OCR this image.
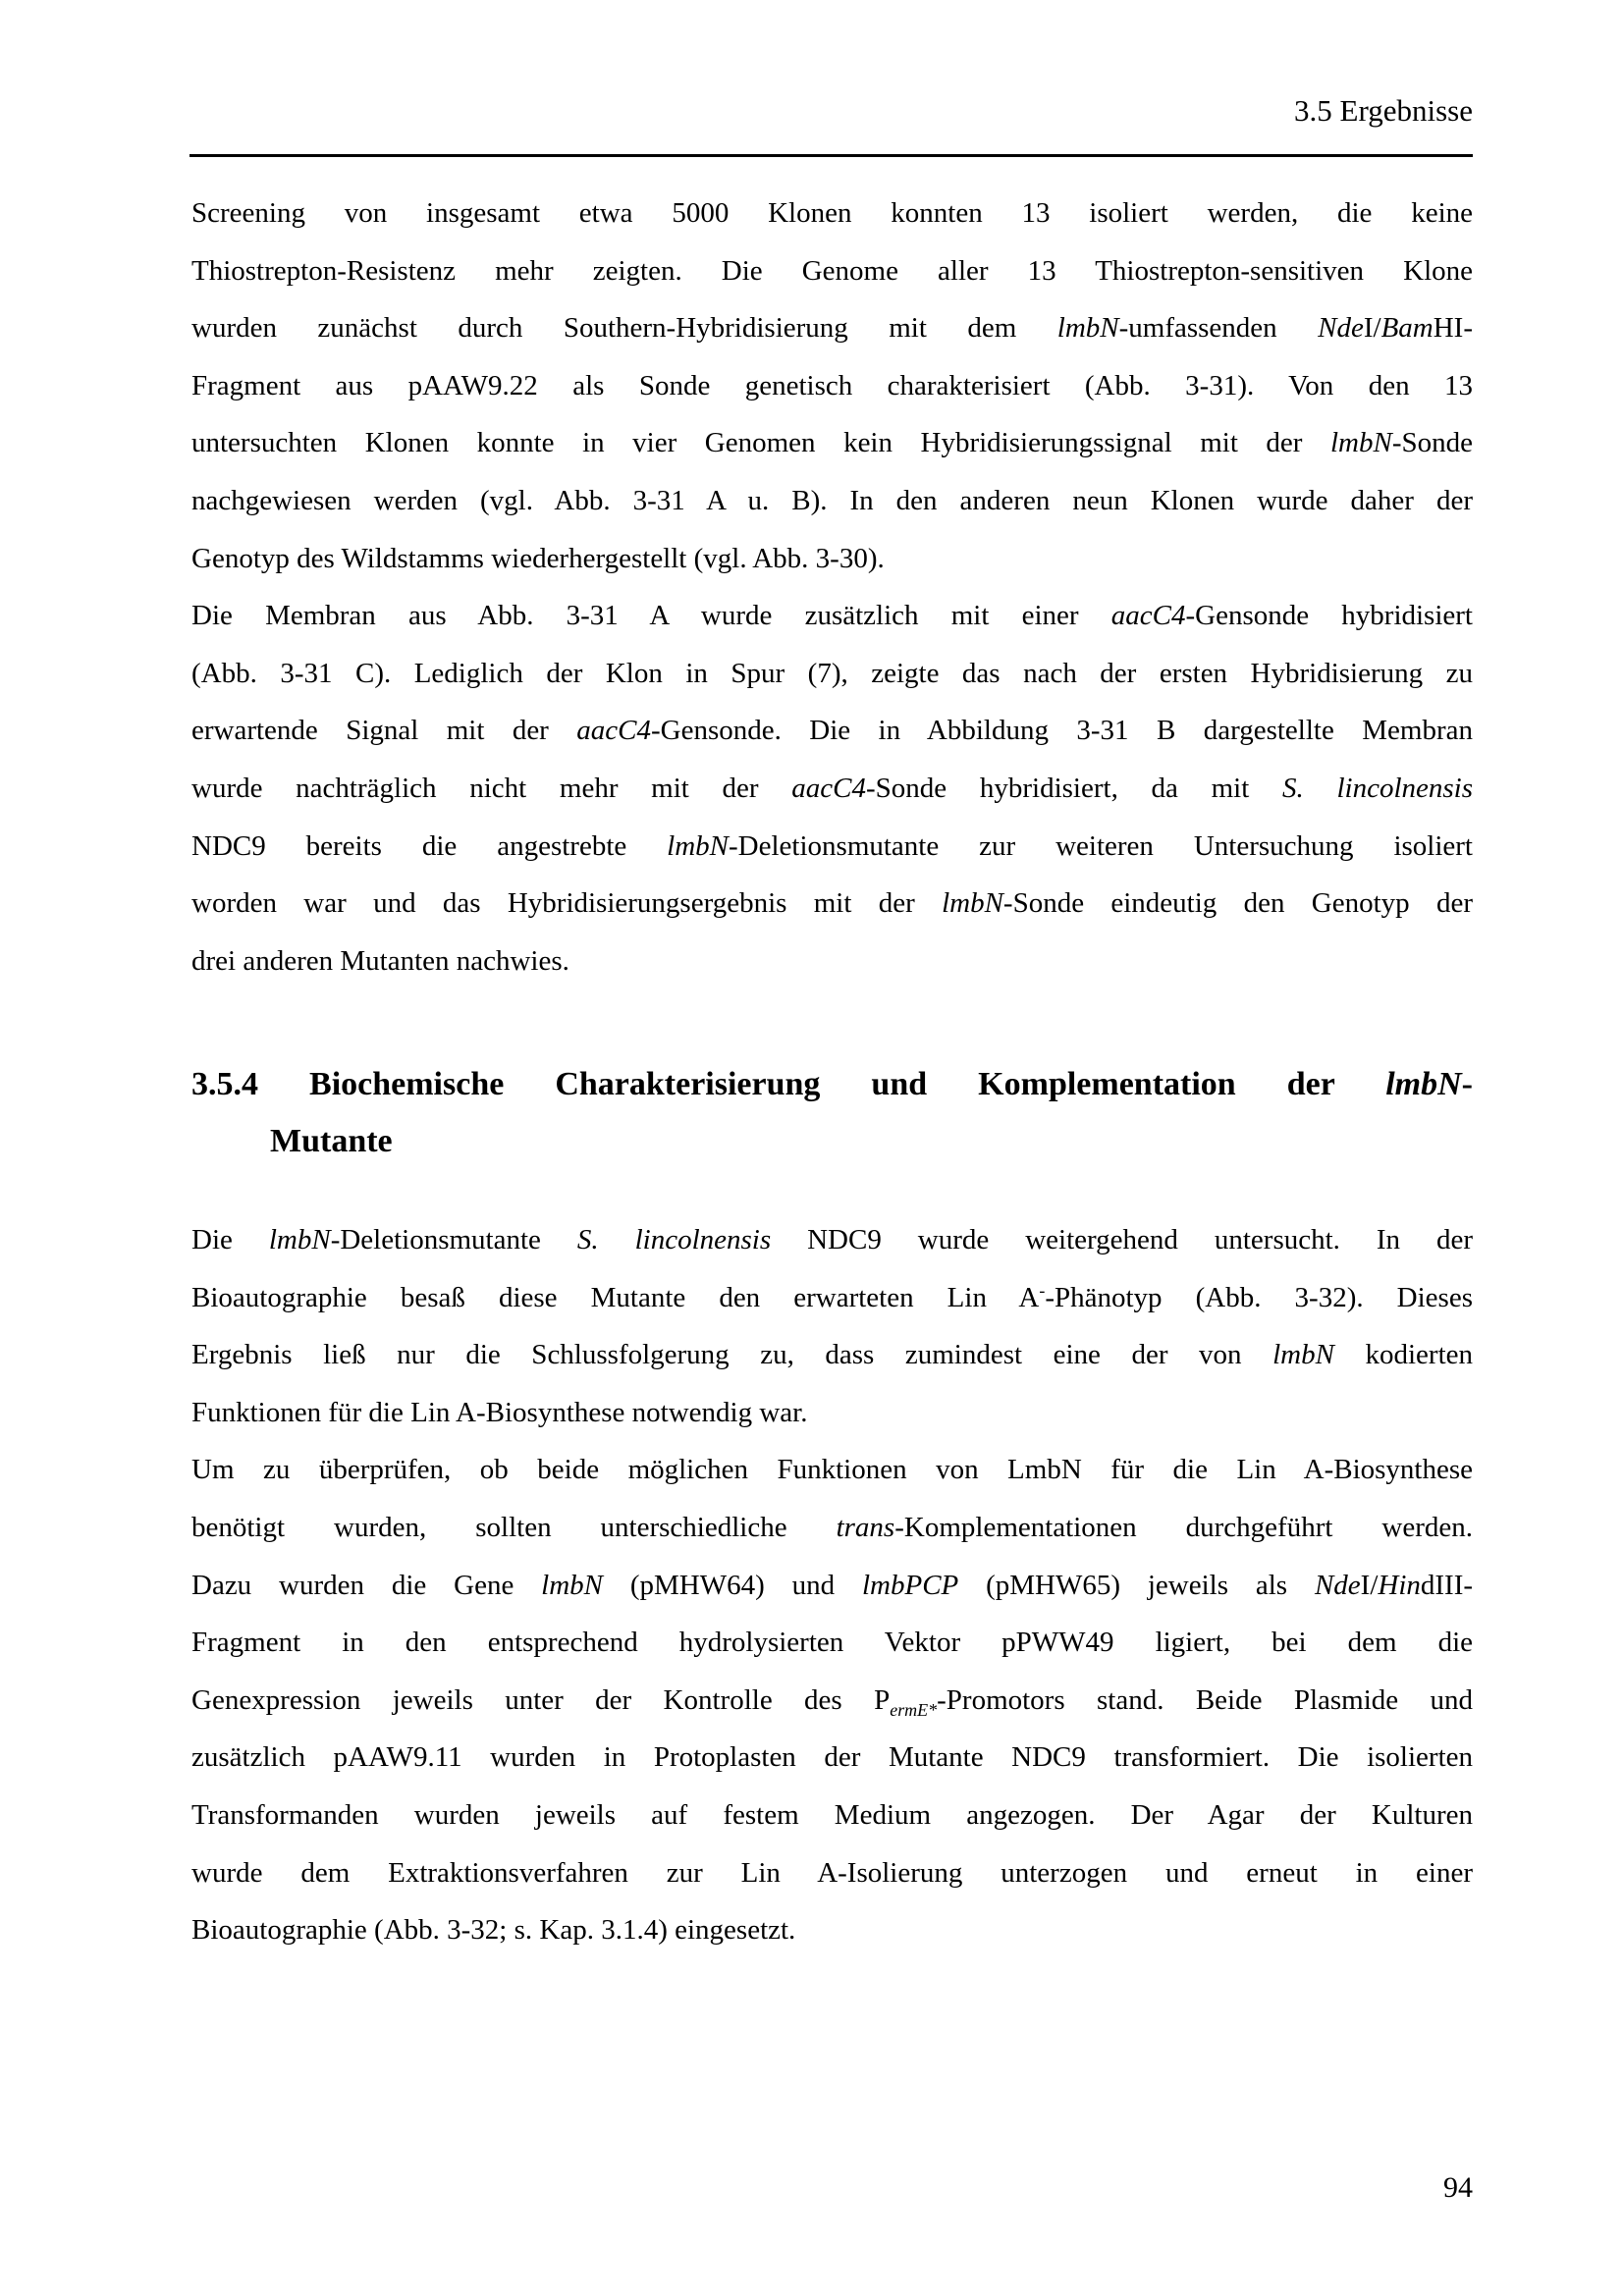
3.5 Ergebnisse
Screening von insgesamt etwa 5000 Klonen konnten 13 isoliert werden, die keine
Thiostrepton-Resistenz mehr zeigten. Die Genome aller 13 Thiostrepton-sensitiven Klone
wurden zunächst durch Southern-Hybridisierung mit dem lmbN-umfassenden NdeI/BamHI-
Fragment aus pAAW9.22 als Sonde genetisch charakterisiert (Abb. 3-31). Von den 13
untersuchten Klonen konnte in vier Genomen kein Hybridisierungssignal mit der lmbN-Sonde
nachgewiesen werden (vgl. Abb. 3-31 A u. B). In den anderen neun Klonen wurde daher der
Genotyp des Wildstamms wiederhergestellt (vgl. Abb. 3-30).
Die Membran aus Abb. 3-31 A wurde zusätzlich mit einer aacC4-Gensonde hybridisiert
(Abb. 3-31 C). Lediglich der Klon in Spur (7), zeigte das nach der ersten Hybridisierung zu
erwartende Signal mit der aacC4-Gensonde. Die in Abbildung 3-31 B dargestellte Membran
wurde nachträglich nicht mehr mit der aacC4-Sonde hybridisiert, da mit S. lincolnensis
NDC9 bereits die angestrebte lmbN-Deletionsmutante zur weiteren Untersuchung isoliert
worden war und das Hybridisierungsergebnis mit der lmbN-Sonde eindeutig den Genotyp der
drei anderen Mutanten nachwies.
3.5.4 Biochemische Charakterisierung und Komplementation der lmbN-
Mutante
Die lmbN-Deletionsmutante S. lincolnensis NDC9 wurde weitergehend untersucht. In der
Bioautographie besaß diese Mutante den erwarteten Lin A--Phänotyp (Abb. 3-32). Dieses
Ergebnis ließ nur die Schlussfolgerung zu, dass zumindest eine der von lmbN kodierten
Funktionen für die Lin A-Biosynthese notwendig war.
Um zu überprüfen, ob beide möglichen Funktionen von LmbN für die Lin A-Biosynthese
benötigt wurden, sollten unterschiedliche trans-Komplementationen durchgeführt werden.
Dazu wurden die Gene lmbN (pMHW64) und lmbPCP (pMHW65) jeweils als NdeI/HindIII-
Fragment in den entsprechend hydrolysierten Vektor pPWW49 ligiert, bei dem die
Genexpression jeweils unter der Kontrolle des $P_{ermE*}$-Promotors stand. Beide Plasmide und
zusätzlich pAAW9.11 wurden in Protoplasten der Mutante NDC9 transformiert. Die isolierten
Transformanden wurden jeweils auf festem Medium angezogen. Der Agar der Kulturen
wurde dem Extraktionsverfahren zur Lin A-Isolierung unterzogen und erneut in einer
Bioautographie (Abb. 3-32; s. Kap. 3.1.4) eingesetzt.
94
